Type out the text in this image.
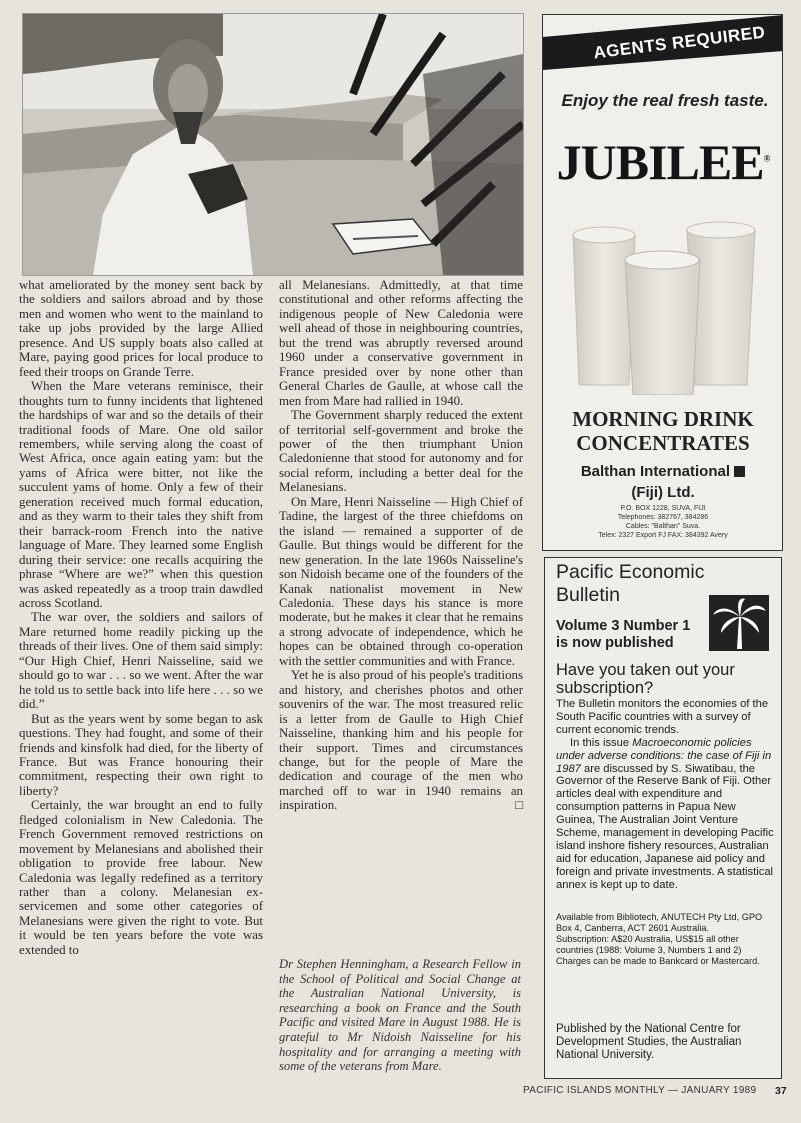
what ameliorated by the money sent back by the soldiers and sailors abroad and by those men and women who went to the mainland to take up jobs provided by the large Allied presence. And US supply boats also called at Mare, paying good prices for local produce to feed their troops on Grande Terre.

When the Mare veterans reminisce, their thoughts turn to funny incidents that lightened the hardships of war and so the details of their traditional foods of Mare. One old sailor remembers, while serving along the coast of West Africa, once again eating yam: but the yams of Africa were bitter, not like the succulent yams of home. Only a few of their generation received much formal education, and as they warm to their tales they shift from their barrack-room French into the native language of Mare. They learned some English during their service: one recalls acquiring the phrase “Where are we?” when this question was asked repeatedly as a troop train dawdled across Scotland.

The war over, the soldiers and sailors of Mare returned home readily picking up the threads of their lives. One of them said simply: “Our High Chief, Henri Naisseline, said we should go to war . . . so we went. After the war he told us to settle back into life here . . . so we did.”

But as the years went by some began to ask questions. They had fought, and some of their friends and kinsfolk had died, for the liberty of France. But was France honouring their commitment, respecting their own right to liberty?

Certainly, the war brought an end to fully fledged colonialism in New Caledonia. The French Government removed restrictions on movement by Melanesians and abolished their obligation to provide free labour. New Caledonia was legally redefined as a territory rather than a colony. Melanesian ex-servicemen and some other categories of Melanesians were given the right to vote. But it would be ten years before the vote was extended to

all Melanesians. Admittedly, at that time constitutional and other reforms affecting the indigenous people of New Caledonia were well ahead of those in neighbouring countries, but the trend was abruptly reversed around 1960 under a conservative government in France presided over by none other than General Charles de Gaulle, at whose call the men from Mare had rallied in 1940.

The Government sharply reduced the extent of territorial self-government and broke the power of the then triumphant Union Caledonienne that stood for autonomy and for social reform, including a better deal for the Melanesians.

On Mare, Henri Naisseline — High Chief of Tadine, the largest of the three chiefdoms on the island — remained a supporter of de Gaulle. But things would be different for the new generation. In the late 1960s Naisseline's son Nidoish became one of the founders of the Kanak nationalist movement in New Caledonia. These days his stance is more moderate, but he makes it clear that he remains a strong advocate of independence, which he hopes can be obtained through co-operation with the settler communities and with France.

Yet he is also proud of his people's traditions and history, and cherishes photos and other souvenirs of the war. The most treasured relic is a letter from de Gaulle to High Chief Naisseline, thanking him and his people for their support. Times and circumstances change, but for the people of Mare the dedication and courage of the men who marched off to war in 1940 remains an inspiration.	□

Dr Stephen Henningham, a Research Fellow in the School of Political and Social Change at the Australian National University, is researching a book on France and the South Pacific and visited Mare in August 1988. He is grateful to Mr Nidoish Naisseline for his hospitality and for arranging a meeting with some of the veterans from Mare.
AGENTS REQUIRED
Enjoy the real fresh taste.
JUBILEE®
MORNING DRINK
CONCENTRATES
Balthan International
(Fiji) Ltd.
P.O. BOX 1228, SUVA, FIJI
Telephones: 382767, 384286
Cables: "Balthan" Suva.
Telex: 2327 Export FJ FAX: 384392 Avery
Pacific Economic
Bulletin
Volume 3 Number 1
is now published
Have you taken out your subscription?

The Bulletin monitors the economies of the South Pacific countries with a survey of current economic trends.

In this issue Macroeconomic policies under adverse conditions: the case of Fiji in 1987 are discussed by S. Siwatibau, the Governor of the Reserve Bank of Fiji. Other articles deal with expenditure and consumption patterns in Papua New Guinea, The Australian Joint Venture Scheme, management in developing Pacific island inshore fishery resources, Australian aid for education, Japanese aid policy and foreign and private investments. A statistical annex is kept up to date.

Available from Bibliotech, ANUTECH Pty Ltd, GPO Box 4, Canberra, ACT 2601 Australia.
Subscription: A$20 Australia, US$15 all other countries (1988: Volume 3, Numbers 1 and 2)
Charges can be made to Bankcard or Mastercard.
Published by the National Centre for Development Studies, the Australian National University.
PACIFIC ISLANDS MONTHLY — JANUARY 1989 37
